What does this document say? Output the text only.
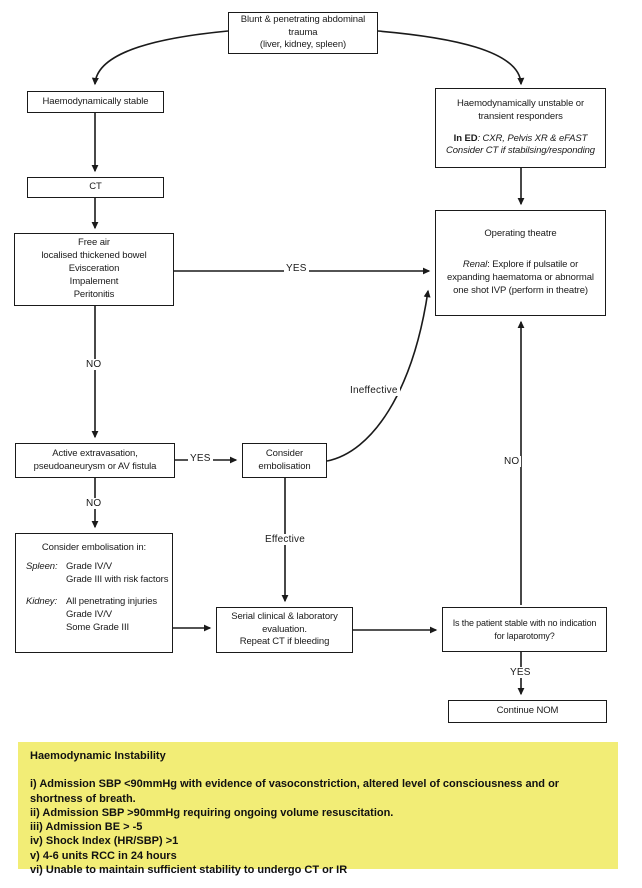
Blunt & penetrating abdominal
trauma
(liver, kidney, spleen)
Haemodynamically stable
CT
Free air
localised thickened bowel
Evisceration
Impalement
Peritonitis
Haemodynamically unstable or
transient responders
In ED: CXR, Pelvis XR & eFAST
Consider CT if stabilsing/responding
Operating theatre
Renal: Explore if pulsatile or
expanding haematoma or abnormal
one shot IVP (perform in theatre)
Active extravasation,
pseudoaneurysm or AV fistula
Consider
embolisation
Consider embolisation in:
Spleen: Grade IV/V
Grade III with risk factors
Kidney: All penetrating injuries
Grade IV/V
Some Grade III
Serial clinical & laboratory
evaluation.
Repeat CT if bleeding
Is the patient stable with no indication
for laparotomy?
Continue NOM
YES
NO
YES
NO
Effective
Ineffective
NO
YES
Haemodynamic Instability
i) Admission SBP <90mmHg with evidence of vasoconstriction, altered level of consciousness and or shortness of breath.
ii) Admission SBP >90mmHg requiring ongoing volume resuscitation.
iii) Admission BE > -5
iv) Shock Index (HR/SBP) >1
v) 4-6 units RCC in 24 hours
vi) Unable to maintain sufficient stability to undergo CT or IR
